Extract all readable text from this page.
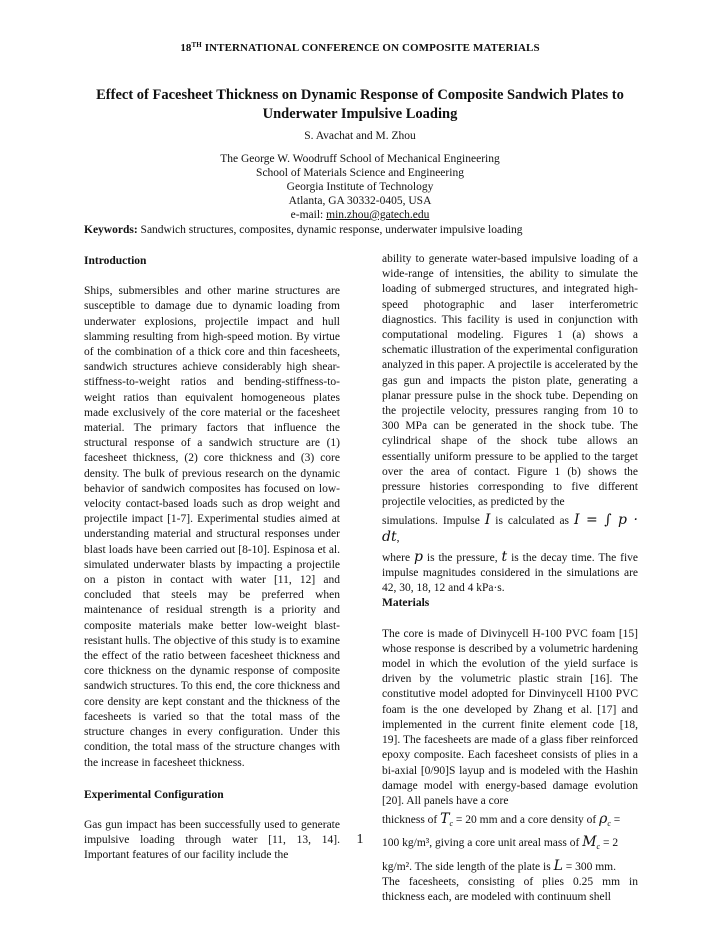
18TH INTERNATIONAL CONFERENCE ON COMPOSITE MATERIALS
Effect of Facesheet Thickness on Dynamic Response of Composite Sandwich Plates to Underwater Impulsive Loading
S. Avachat and M. Zhou
The George W. Woodruff School of Mechanical Engineering
School of Materials Science and Engineering
Georgia Institute of Technology
Atlanta, GA 30332-0405, USA
e-mail: min.zhou@gatech.edu
Keywords: Sandwich structures, composites, dynamic response, underwater impulsive loading
Introduction

Ships, submersibles and other marine structures are susceptible to damage due to dynamic loading from underwater explosions, projectile impact and hull slamming resulting from high-speed motion. By virtue of the combination of a thick core and thin facesheets, sandwich structures achieve considerably high shear-stiffness-to-weight ratios and bending-stiffness-to-weight ratios than equivalent homogeneous plates made exclusively of the core material or the facesheet material. The primary factors that influence the structural response of a sandwich structure are (1) facesheet thickness, (2) core thickness and (3) core density. The bulk of previous research on the dynamic behavior of sandwich composites has focused on low-velocity contact-based loads such as drop weight and projectile impact [1-7]. Experimental studies aimed at understanding material and structural responses under blast loads have been carried out [8-10]. Espinosa et al. simulated underwater blasts by impacting a projectile on a piston in contact with water [11, 12] and concluded that steels may be preferred when maintenance of residual strength is a priority and composite materials make better low-weight blast-resistant hulls. The objective of this study is to examine the effect of the ratio between facesheet thickness and core thickness on the dynamic response of composite sandwich structures. To this end, the core thickness and core density are kept constant and the thickness of the facesheets is varied so that the total mass of the structure changes in every configuration. Under this condition, the total mass of the structure changes with the increase in facesheet thickness.

Experimental Configuration

Gas gun impact has been successfully used to generate impulsive loading through water [11, 13, 14]. Important features of our facility include the

ability to generate water-based impulsive loading of a wide-range of intensities, the ability to simulate the loading of submerged structures, and integrated high-speed photographic and laser interferometric diagnostics. This facility is used in conjunction with computational modeling. Figures 1 (a) shows a schematic illustration of the experimental configuration analyzed in this paper. A projectile is accelerated by the gas gun and impacts the piston plate, generating a planar pressure pulse in the shock tube. Depending on the projectile velocity, pressures ranging from 10 to 300 MPa can be generated in the shock tube. The cylindrical shape of the shock tube allows an essentially uniform pressure to be applied to the target over the area of contact. Figure 1 (b) shows the pressure histories corresponding to five different projectile velocities, as predicted by the

simulations. Impulse I is calculated as I = ∫ p · dt,

where p is the pressure, t is the decay time. The five impulse magnitudes considered in the simulations are 42, 30, 18, 12 and 4 kPa·s.

Materials

The core is made of Divinycell H-100 PVC foam [15] whose response is described by a volumetric hardening model in which the evolution of the yield surface is driven by the volumetric plastic strain [16]. The constitutive model adopted for Dinvinycell H100 PVC foam is the one developed by Zhang et al. [17] and implemented in the current finite element code [18, 19]. The facesheets are made of a glass fiber reinforced epoxy composite. Each facesheet consists of plies in a bi-axial [0/90]S layup and is modeled with the Hashin damage model with energy-based damage evolution [20]. All panels have a core

thickness of $T_c = 20$ mm and a core density of $\rho_c$ =

100 kg/m³, giving a core unit areal mass of $M_c = 2$

kg/m². The side length of the plate is L = 300 mm.

The facesheets, consisting of plies 0.25 mm in thickness each, are modeled with continuum shell

1
